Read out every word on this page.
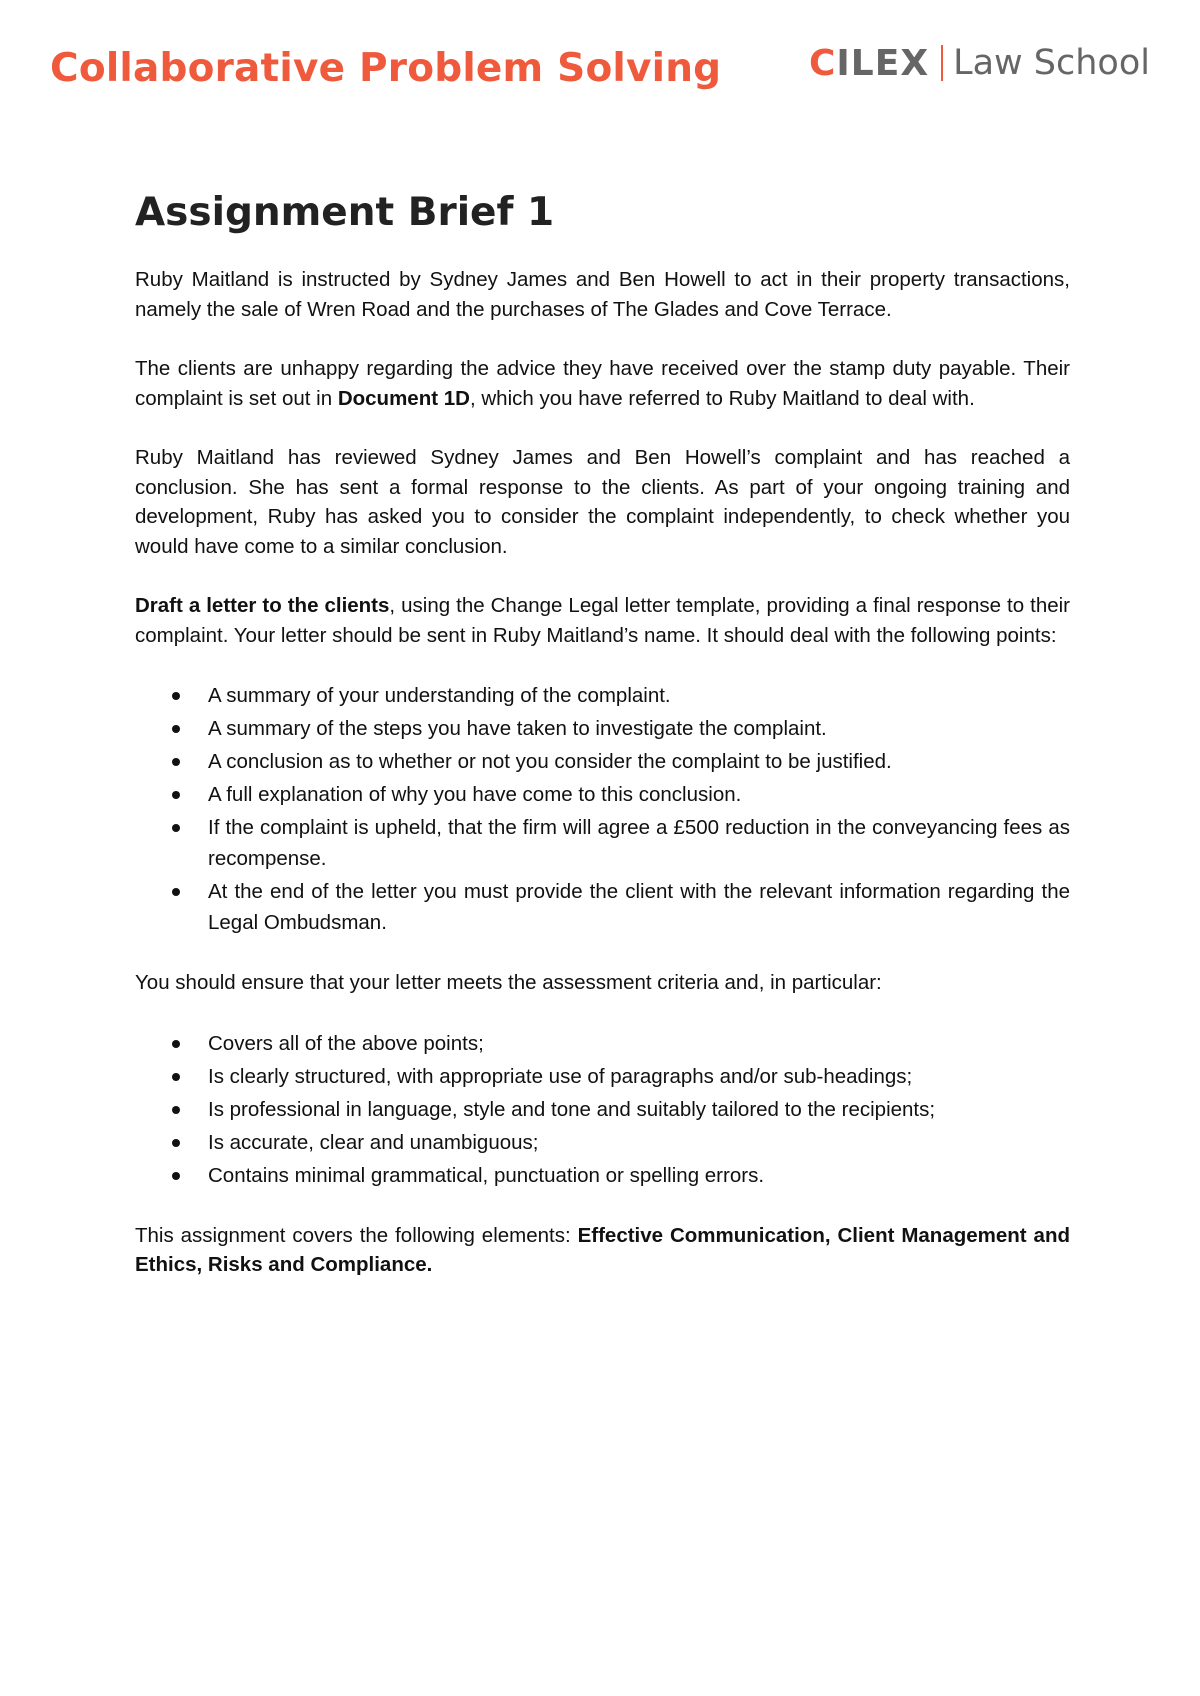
Collaborative Problem Solving CILEX Law School
Assignment Brief 1

Ruby Maitland is instructed by Sydney James and Ben Howell to act in their property transactions, namely the sale of Wren Road and the purchases of The Glades and Cove Terrace.

The clients are unhappy regarding the advice they have received over the stamp duty payable. Their complaint is set out in Document 1D, which you have referred to Ruby Maitland to deal with.

Ruby Maitland has reviewed Sydney James and Ben Howell’s complaint and has reached a conclusion. She has sent a formal response to the clients. As part of your ongoing training and development, Ruby has asked you to consider the complaint independently, to check whether you would have come to a similar conclusion.

Draft a letter to the clients, using the Change Legal letter template, providing a final response to their complaint. Your letter should be sent in Ruby Maitland’s name. It should deal with the following points:

A summary of your understanding of the complaint.
A summary of the steps you have taken to investigate the complaint.
A conclusion as to whether or not you consider the complaint to be justified.
A full explanation of why you have come to this conclusion.
If the complaint is upheld, that the firm will agree a £500 reduction in the conveyancing fees as recompense.
At the end of the letter you must provide the client with the relevant information regarding the Legal Ombudsman.

You should ensure that your letter meets the assessment criteria and, in particular:

Covers all of the above points;
Is clearly structured, with appropriate use of paragraphs and/or sub-headings;
Is professional in language, style and tone and suitably tailored to the recipients;
Is accurate, clear and unambiguous;
Contains minimal grammatical, punctuation or spelling errors.

This assignment covers the following elements: Effective Communication, Client Management and Ethics, Risks and Compliance.
